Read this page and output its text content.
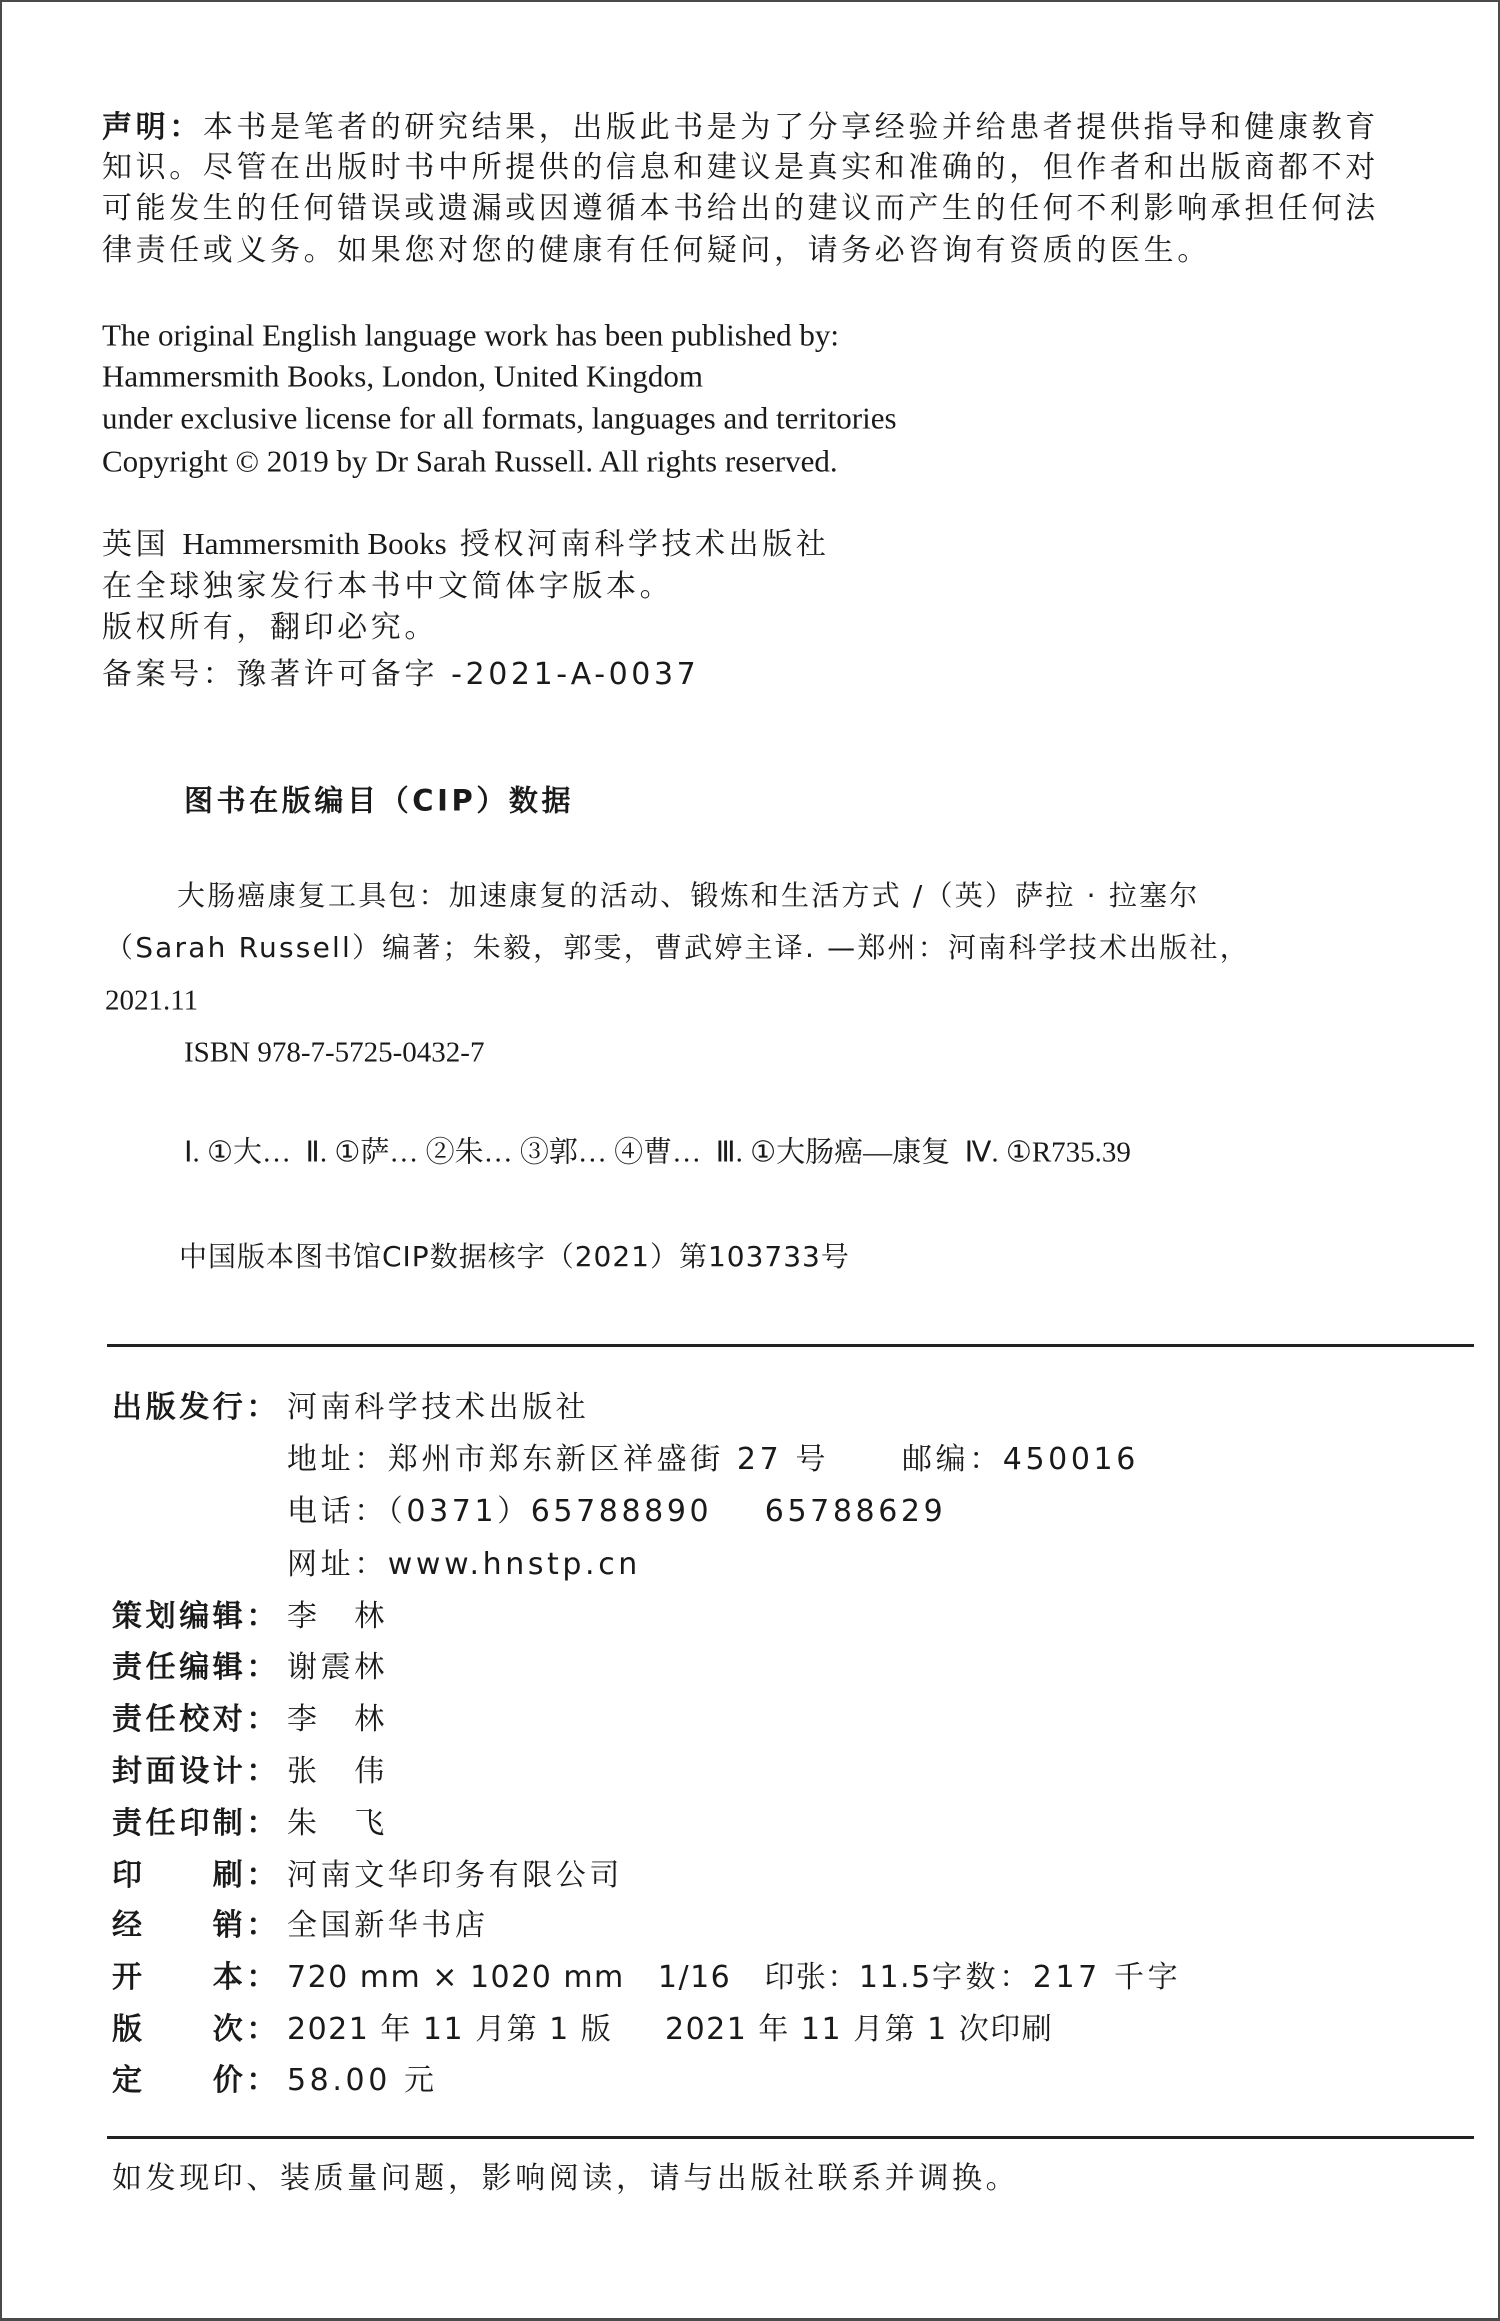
声明：本书是笔者的研究结果，出版此书是为了分享经验并给患者提供指导和健康教育
知识。尽管在出版时书中所提供的信息和建议是真实和准确的，但作者和出版商都不对
可能发生的任何错误或遗漏或因遵循本书给出的建议而产生的任何不利影响承担任何法
律责任或义务。如果您对您的健康有任何疑问，请务必咨询有资质的医生。
The original English language work has been published by:
Hammersmith Books, London, United Kingdom
under exclusive license for all formats, languages and territories
Copyright © 2019 by Dr Sarah Russell. All rights reserved.
英国 Hammersmith Books 授权河南科学技术出版社
在全球独家发行本书中文简体字版本。
版权所有，翻印必究。
备案号：豫著许可备字 -2021-A-0037
图书在版编目（CIP）数据
大肠癌康复工具包：加速康复的活动、锻炼和生活方式 /（英）萨拉 · 拉塞尔
（Sarah Russell）编著；朱毅，郭雯，曹武婷主译. —郑州：河南科学技术出版社，
2021.11
ISBN 978-7-5725-0432-7
Ⅰ. ①大…  Ⅱ. ①萨… ②朱… ③郭… ④曹…  Ⅲ. ①大肠癌—康复  Ⅳ. ①R735.39
中国版本图书馆CIP数据核字（2021）第103733号
出版发行： 河南科学技术出版社
地址：郑州市郑东新区祥盛街 27 号 邮编：450016
电话：（0371）65788890    65788629
网址：www.hnstp.cn
策划编辑： 李　林
责任编辑： 谢震林
责任校对： 李　林
封面设计： 张　伟
责任印制： 朱　飞
印　　刷： 河南文华印务有限公司
经　　销： 全国新华书店
开　　本： 720 mm × 1020 mm   1/16   印张：11.5 字数：217 千字
版　　次： 2021 年 11 月第 1 版 2021 年 11 月第 1 次印刷
定　　价： 58.00 元
如发现印、装质量问题，影响阅读，请与出版社联系并调换。
